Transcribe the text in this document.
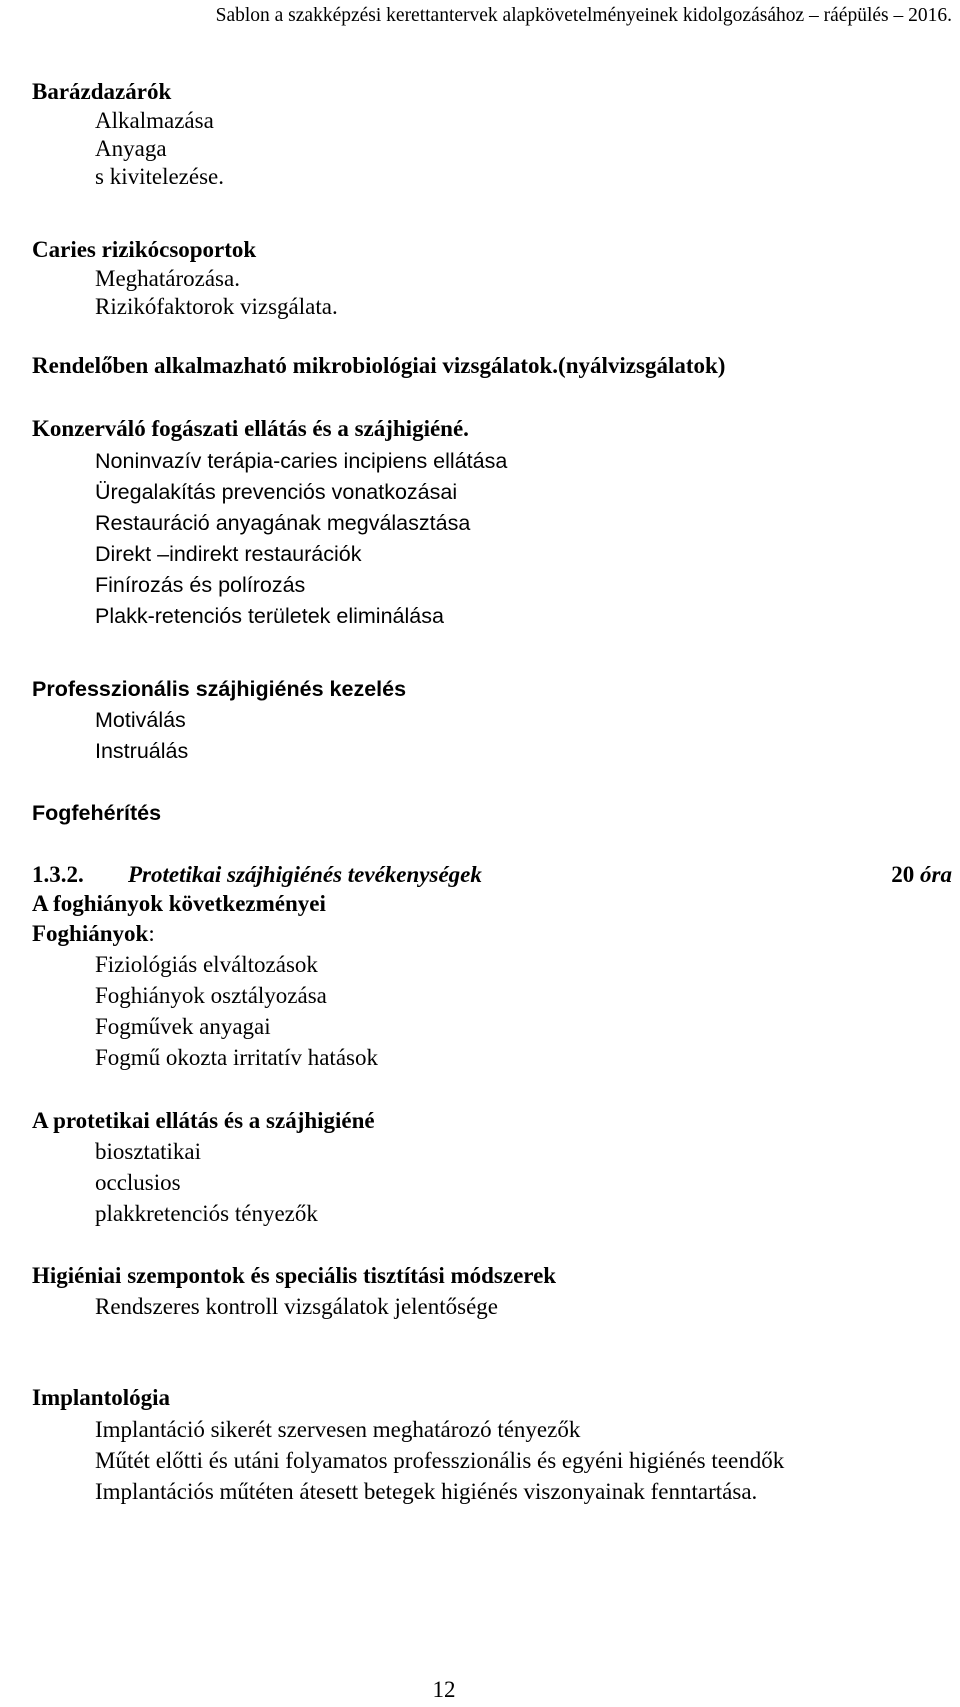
Sablon a szakképzési kerettantervek alapkövetelményeinek kidolgozásához – ráépülés – 2016.
Barázdazárók
Alkalmazása
Anyaga
s kivitelezése.
Caries rizikócsoportok
Meghatározása.
Rizikófaktorok vizsgálata.
Rendelőben alkalmazható mikrobiológiai vizsgálatok.(nyálvizsgálatok)
Konzerváló fogászati ellátás és a szájhigiéné.
Noninvazív terápia-caries incipiens ellátása
Üregalakítás prevenciós vonatkozásai
Restauráció anyagának megválasztása
Direkt –indirekt restaurációk
Finírozás és polírozás
Plakk-retenciós területek eliminálása
Professzionális szájhigiénés kezelés
Motiválás
Instruálás
Fogfehérítés
1.3.2. Protetikai szájhigiénés tevékenységek	20 óra
A foghiányok következményei
Foghiányok:
Fiziológiás elváltozások
Foghiányok osztályozása
Fogművek anyagai
Fogmű okozta irritatív hatások
A protetikai ellátás és a szájhigiéné
biosztatikai
occlusios
plakkretenciós tényezők
Higiéniai szempontok és speciális tisztítási módszerek
Rendszeres kontroll vizsgálatok jelentősége
Implantológia
Implantáció sikerét szervesen meghatározó tényezők
Műtét előtti és utáni folyamatos professzionális és egyéni higiénés teendők
Implantációs műtéten átesett betegek higiénés viszonyainak fenntartása.
12
